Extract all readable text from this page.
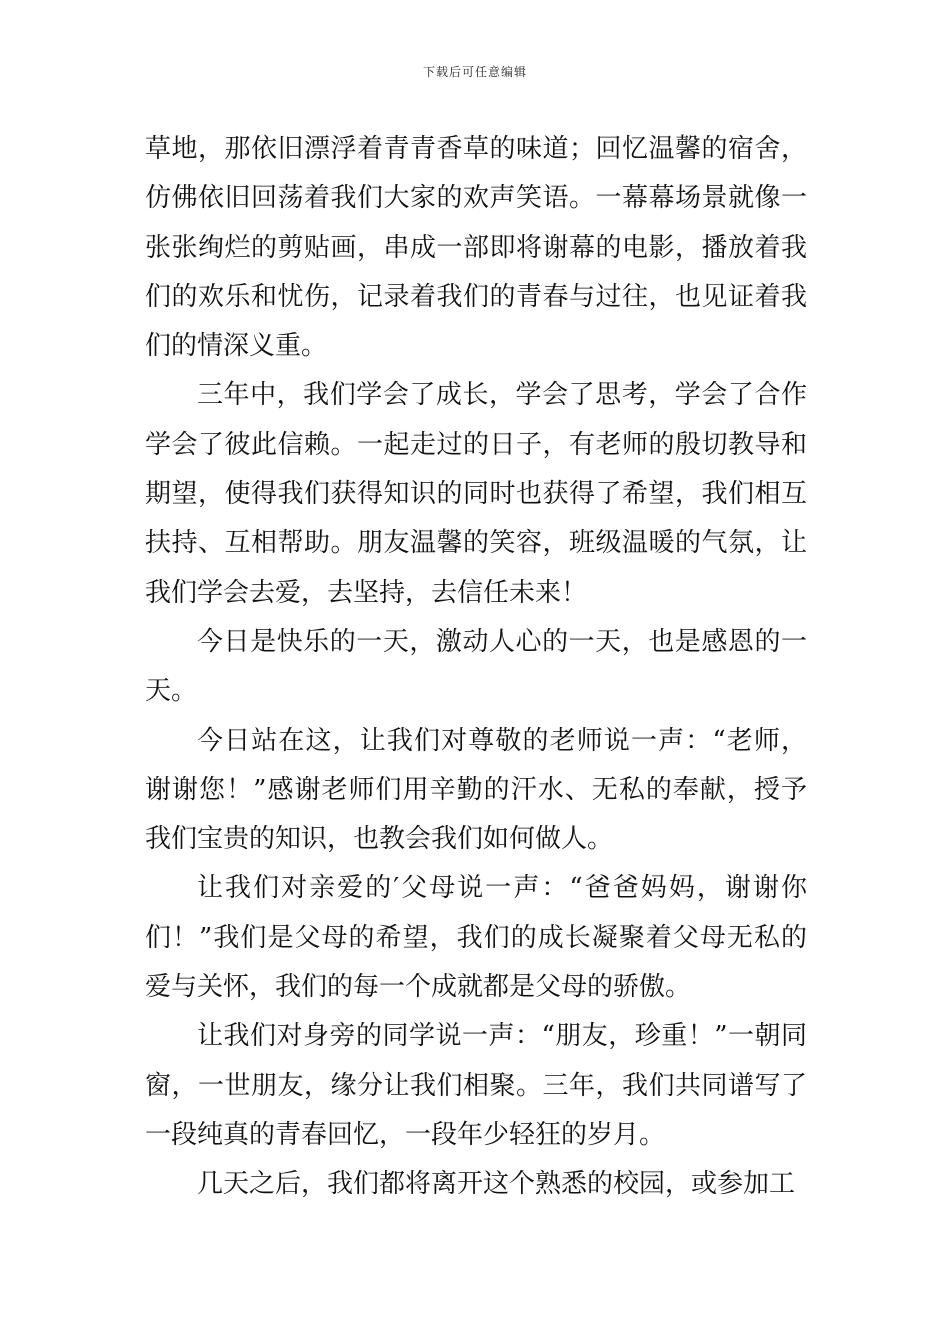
下载后可任意编辑

草地，那依旧漂浮着青青香草的味道；回忆温馨的宿舍，仿佛依旧回荡着我们大家的欢声笑语。一幕幕场景就像一张张绚烂的剪贴画，串成一部即将谢幕的电影，播放着我们的欢乐和忧伤，记录着我们的青春与过往，也见证着我们的情深义重。

三年中，我们学会了成长，学会了思考，学会了合作学会了彼此信赖。一起走过的日子，有老师的殷切教导和期望，使得我们获得知识的同时也获得了希望，我们相互扶持、互相帮助。朋友温馨的笑容，班级温暖的气氛，让我们学会去爱，去坚持，去信任未来！

今日是快乐的一天，激动人心的一天，也是感恩的一天。

今日站在这，让我们对尊敬的老师说一声：“老师，谢谢您！”感谢老师们用辛勤的汗水、无私的奉献，授予我们宝贵的知识，也教会我们如何做人。

让我们对亲爱的′父母说一声：“爸爸妈妈，谢谢你们！”我们是父母的希望，我们的成长凝聚着父母无私的爱与关怀，我们的每一个成就都是父母的骄傲。

让我们对身旁的同学说一声：“朋友，珍重！”一朝同窗，一世朋友，缘分让我们相聚。三年，我们共同谱写了一段纯真的青春回忆，一段年少轻狂的岁月。

几天之后，我们都将离开这个熟悉的校园，或参加工
